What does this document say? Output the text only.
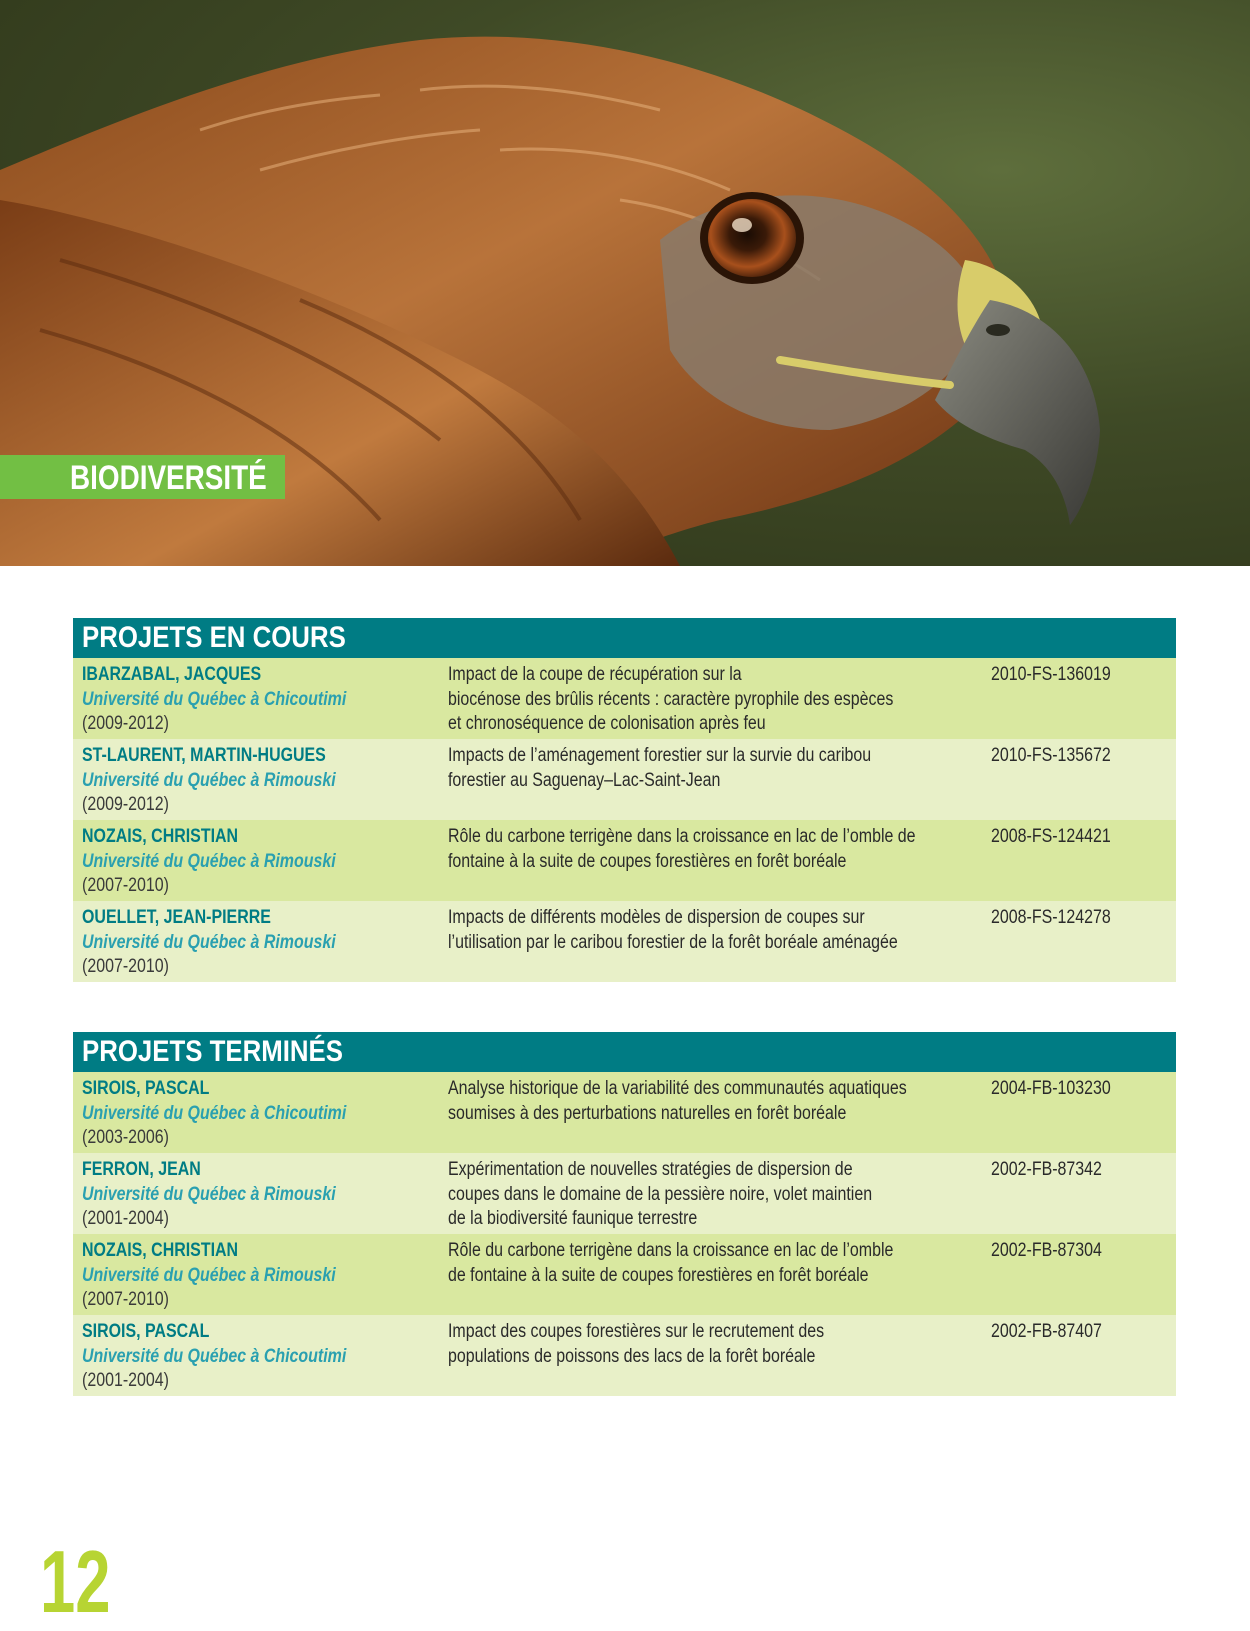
BIODIVERSITÉ
PROJETS EN COURS
IBARZABAL, JACQUES
Université du Québec à Chicoutimi
(2009-2012)
Impact de la coupe de récupération sur la
biocénose des brûlis récents : caractère pyrophile des espèces
et chronoséquence de colonisation après feu
2010-FS-136019
ST-LAURENT, MARTIN-HUGUES
Université du Québec à Rimouski
(2009-2012)
Impacts de l’aménagement forestier sur la survie du caribou
forestier au Saguenay–Lac-Saint-Jean
2010-FS-135672
NOZAIS, CHRISTIAN
Université du Québec à Rimouski
(2007-2010)
Rôle du carbone terrigène dans la croissance en lac de l’omble de
fontaine à la suite de coupes forestières en forêt boréale
2008-FS-124421
OUELLET, JEAN-PIERRE
Université du Québec à Rimouski
(2007-2010)
Impacts de différents modèles de dispersion de coupes sur
l’utilisation par le caribou forestier de la forêt boréale aménagée
2008-FS-124278
PROJETS TERMINÉS
SIROIS, PASCAL
Université du Québec à Chicoutimi
(2003-2006)
Analyse historique de la variabilité des communautés aquatiques
soumises à des perturbations naturelles en forêt boréale
2004-FB-103230
FERRON, JEAN
Université du Québec à Rimouski
(2001-2004)
Expérimentation de nouvelles stratégies de dispersion de
coupes dans le domaine de la pessière noire, volet maintien
de la biodiversité faunique terrestre
2002-FB-87342
NOZAIS, CHRISTIAN
Université du Québec à Rimouski
(2007-2010)
Rôle du carbone terrigène dans la croissance en lac de l’omble
de fontaine à la suite de coupes forestières en forêt boréale
2002-FB-87304
SIROIS, PASCAL
Université du Québec à Chicoutimi
(2001-2004)
Impact des coupes forestières sur le recrutement des
populations de poissons des lacs de la forêt boréale
2002-FB-87407
12
